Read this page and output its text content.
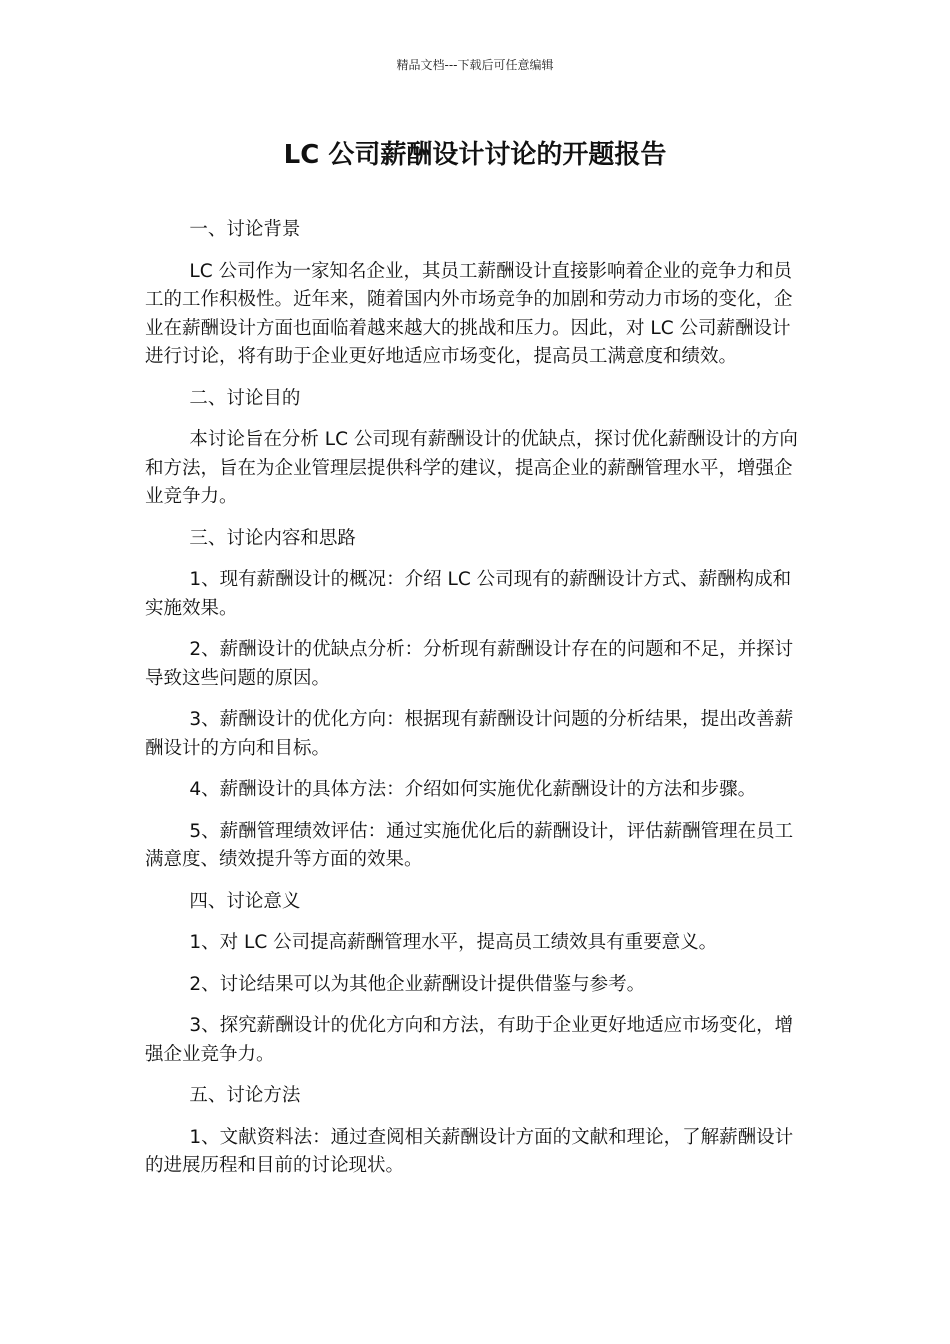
精品文档---下载后可任意编辑
LC 公司薪酬设计讨论的开题报告

一、讨论背景

LC 公司作为一家知名企业，其员工薪酬设计直接影响着企业的竞争力和员工的工作积极性。近年来，随着国内外市场竞争的加剧和劳动力市场的变化，企业在薪酬设计方面也面临着越来越大的挑战和压力。因此，对 LC 公司薪酬设计进行讨论，将有助于企业更好地适应市场变化，提高员工满意度和绩效。

二、讨论目的

本讨论旨在分析 LC 公司现有薪酬设计的优缺点，探讨优化薪酬设计的方向和方法，旨在为企业管理层提供科学的建议，提高企业的薪酬管理水平，增强企业竞争力。

三、讨论内容和思路

1、现有薪酬设计的概况：介绍 LC 公司现有的薪酬设计方式、薪酬构成和实施效果。

2、薪酬设计的优缺点分析：分析现有薪酬设计存在的问题和不足，并探讨导致这些问题的原因。

3、薪酬设计的优化方向：根据现有薪酬设计问题的分析结果，提出改善薪酬设计的方向和目标。

4、薪酬设计的具体方法：介绍如何实施优化薪酬设计的方法和步骤。

5、薪酬管理绩效评估：通过实施优化后的薪酬设计，评估薪酬管理在员工满意度、绩效提升等方面的效果。

四、讨论意义

1、对 LC 公司提高薪酬管理水平，提高员工绩效具有重要意义。

2、讨论结果可以为其他企业薪酬设计提供借鉴与参考。

3、探究薪酬设计的优化方向和方法，有助于企业更好地适应市场变化，增强企业竞争力。

五、讨论方法

1、文献资料法：通过查阅相关薪酬设计方面的文献和理论，了解薪酬设计的进展历程和目前的讨论现状。
